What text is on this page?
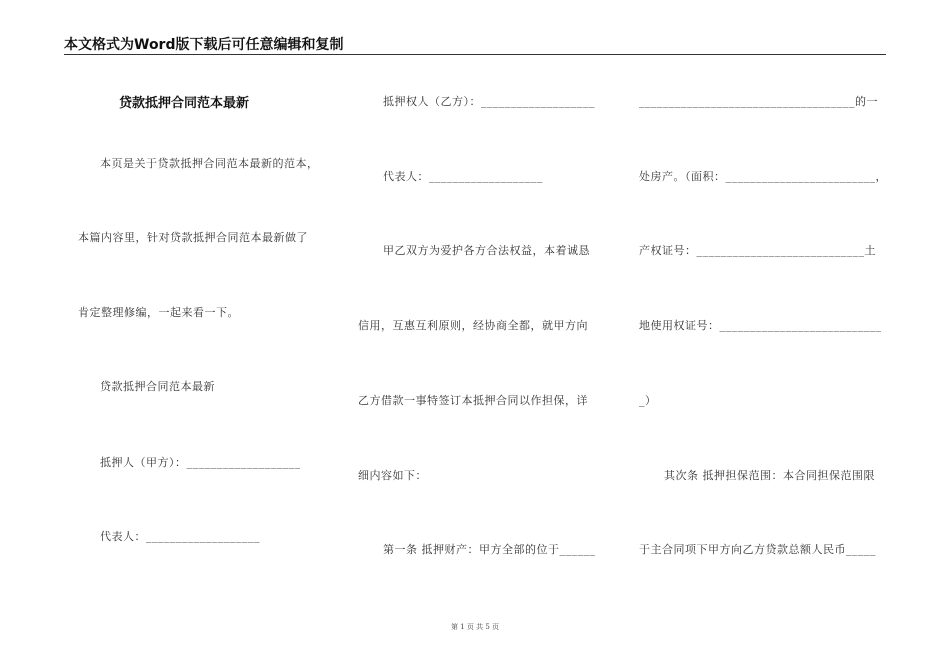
本文格式为Word版下载后可任意编辑和复制
贷款抵押合同范本最新
本页是关于贷款抵押合同范本最新的范本，
本篇内容里，针对贷款抵押合同范本最新做了
肯定整理修编，一起来看一下。
贷款抵押合同范本最新
抵押人（甲方）：___________________
代表人：___________________
抵押权人（乙方）：___________________
代表人：___________________
甲乙双方为爱护各方合法权益，本着诚恳
信用，互惠互利原则，经协商全都，就甲方向
乙方借款一事特签订本抵押合同以作担保，详
细内容如下：
第一条 抵押财产：甲方全部的位于______
____________________________________的一
处房产。（面积：_________________________，
产权证号：____________________________土
地使用权证号：___________________________
_）
其次条 抵押担保范围：本合同担保范围限
于主合同项下甲方向乙方贷款总额人民币_____
第 1 页 共 5 页
